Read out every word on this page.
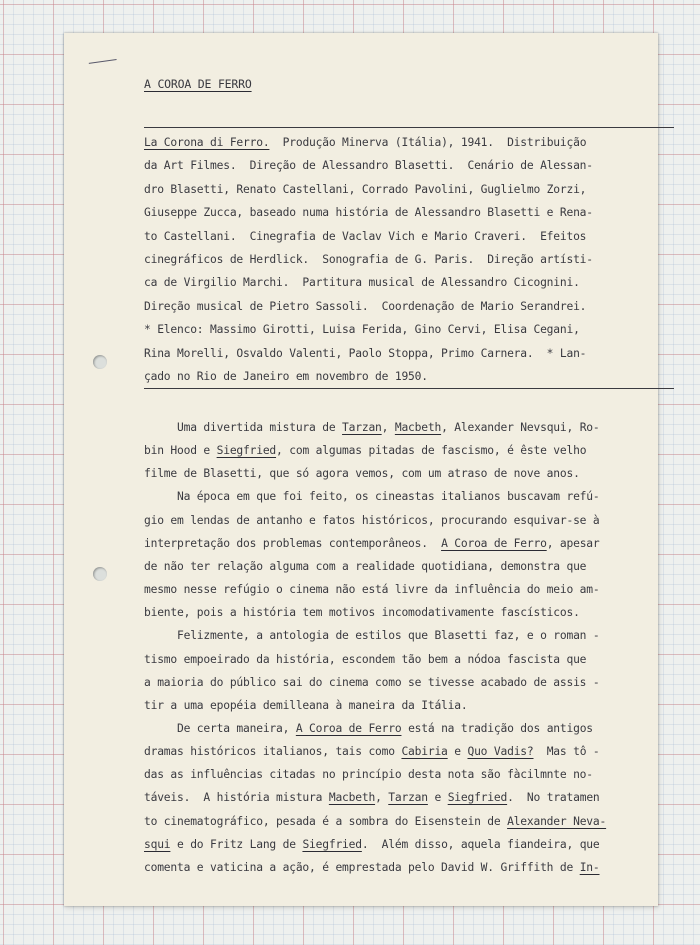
A COROA DE FERRO
La Corona di Ferro.  Produção Minerva (Itália), 1941.  Distribuição
da Art Filmes.  Direção de Alessandro Blasetti.  Cenário de Alessan-
dro Blasetti, Renato Castellani, Corrado Pavolini, Guglielmo Zorzi,
Giuseppe Zucca, baseado numa história de Alessandro Blasetti e Rena-
to Castellani.  Cinegrafia de Vaclav Vich e Mario Craveri.  Efeitos
cinegráficos de Herdlick.  Sonografia de G. Paris.  Direção artísti-
ca de Virgilio Marchi.  Partitura musical de Alessandro Cicognini.
Direção musical de Pietro Sassoli.  Coordenação de Mario Serandrei.
* Elenco: Massimo Girotti, Luisa Ferida, Gino Cervi, Elisa Cegani,
Rina Morelli, Osvaldo Valenti, Paolo Stoppa, Primo Carnera.  * Lan-
çado no Rio de Janeiro em novembro de 1950.
Uma divertida mistura de Tarzan, Macbeth, Alexander Nevsqui, Ro-
bin Hood e Siegfried, com algumas pitadas de fascismo, é êste velho
filme de Blasetti, que só agora vemos, com um atraso de nove anos.
Na época em que foi feito, os cineastas italianos buscavam refú-
gio em lendas de antanho e fatos históricos, procurando esquivar-se à
interpretação dos problemas contemporâneos.  A Coroa de Ferro, apesar
de não ter relação alguma com a realidade quotidiana, demonstra que
mesmo nesse refúgio o cinema não está livre da influência do meio am-
biente, pois a história tem motivos incomodativamente fascísticos.
Felizmente, a antologia de estilos que Blasetti faz, e o roman -
tismo empoeirado da história, escondem tão bem a nódoa fascista que
a maioria do público sai do cinema como se tivesse acabado de assis -
tir a uma epopéia demilleana à maneira da Itália.
De certa maneira, A Coroa de Ferro está na tradição dos antigos
dramas históricos italianos, tais como Cabiria e Quo Vadis?  Mas tô -
das as influências citadas no princípio desta nota são fàcilmnte no-
táveis.  A história mistura Macbeth, Tarzan e Siegfried.  No tratamen
to cinematográfico, pesada é a sombra do Eisenstein de Alexander Neva-
squi e do Fritz Lang de Siegfried.  Além disso, aquela fiandeira, que
comenta e vaticina a ação, é emprestada pelo David W. Griffith de In-
